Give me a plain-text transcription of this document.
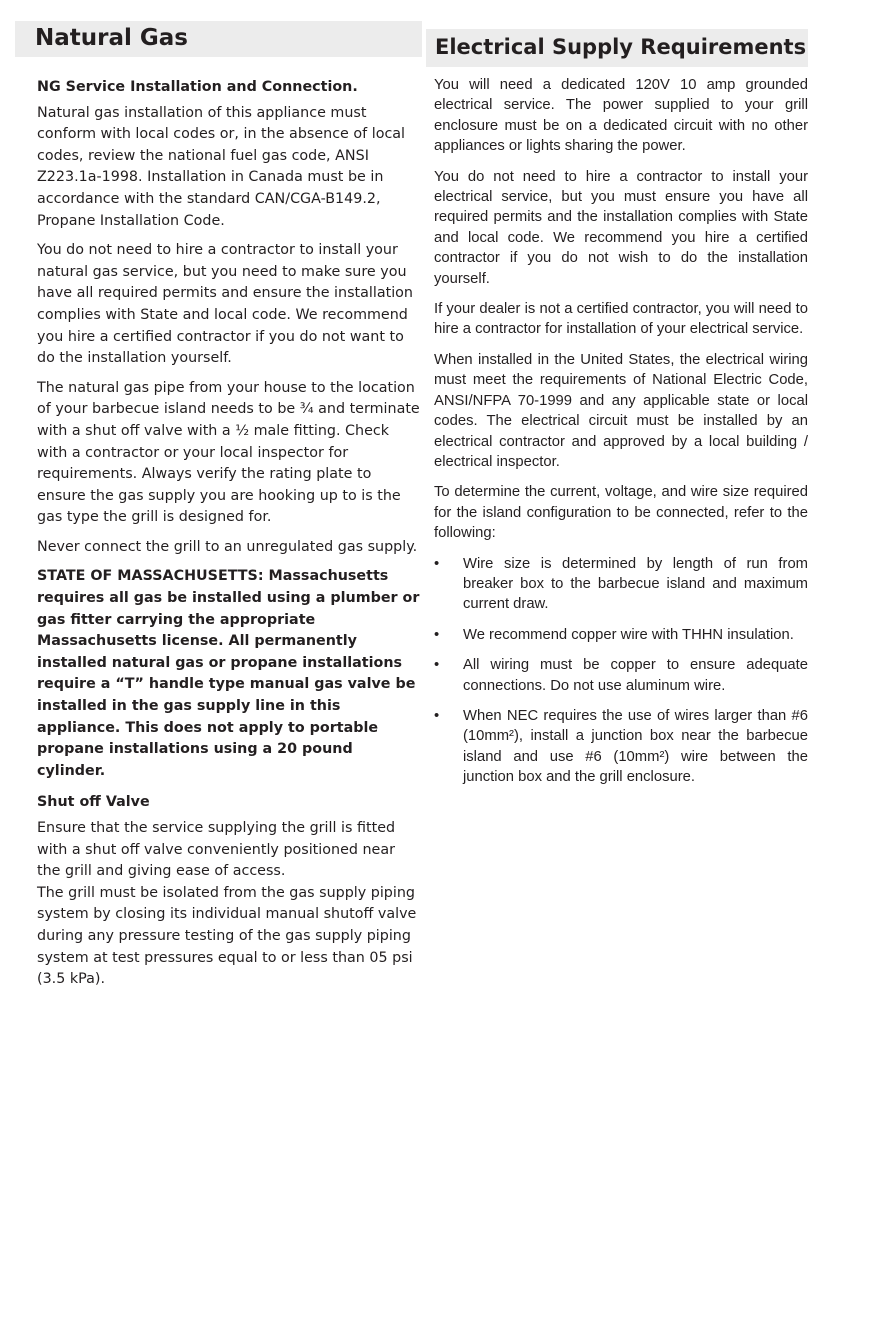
Natural Gas

NG Service Installation and Connection.

Natural gas installation of this appliance must conform with local codes or, in the absence of local codes, review the national fuel gas code, ANSI Z223.1a-1998. Installation in Canada must be in accordance with the standard CAN/CGA-B149.2, Propane Installation Code.

You do not need to hire a contractor to install your natural gas service, but you need to make sure you have all required permits and ensure the installation complies with State and local code. We recommend you hire a certified contractor if you do not want to do the installation yourself.

The natural gas pipe from your house to the location of your barbecue island needs to be ¾ and terminate with a shut off valve with a ½ male fitting. Check with a contractor or your local inspector for requirements. Always verify the rating plate to ensure the gas supply you are hooking up to is the gas type the grill is designed for.

Never connect the grill to an unregulated gas supply.

STATE OF MASSACHUSETTS: Massachusetts requires all gas be installed using a plumber or gas fitter carrying the appropriate Massachusetts license. All permanently installed natural gas or propane installations require a “T” handle type manual gas valve be installed in the gas supply line in this appliance. This does not apply to portable propane installations using a 20 pound cylinder.

Shut off Valve

Ensure that the service supplying the grill is fitted with a shut off valve conveniently positioned near the grill and giving ease of access.

The grill must be isolated from the gas supply piping system by closing its individual manual shutoff valve during any pressure testing of the gas supply piping system at test pressures equal to or less than 05 psi (3.5 kPa).

Electrical Supply Requirements

You will need a dedicated 120V 10 amp grounded electrical service. The power supplied to your grill enclosure must be on a dedicated circuit with no other appliances or lights sharing the power.

You do not need to hire a contractor to install your electrical service, but you must ensure you have all required permits and the installation complies with State and local code. We recommend you hire a certified contractor if you do not wish to do the installation yourself.

If your dealer is not a certified contractor, you will need to hire a contractor for installation of your electrical service.

When installed in the United States, the electrical wiring must meet the requirements of National Electric Code, ANSI/NFPA 70-1999 and any applicable state or local codes. The electrical circuit must be installed by an electrical contractor and approved by a local building / electrical inspector.

To determine the current, voltage, and wire size required for the island configuration to be connected, refer to the following:

•	Wire size is determined by length of run from breaker box to the barbecue island and maximum current draw.
•	We recommend copper wire with THHN insulation.
•	All wiring must be copper to ensure adequate connections. Do not use aluminum wire.
•	When NEC requires the use of wires larger than #6 (10mm²), install a junction box near the barbecue island and use #6 (10mm²) wire between the junction box and the grill enclosure.
